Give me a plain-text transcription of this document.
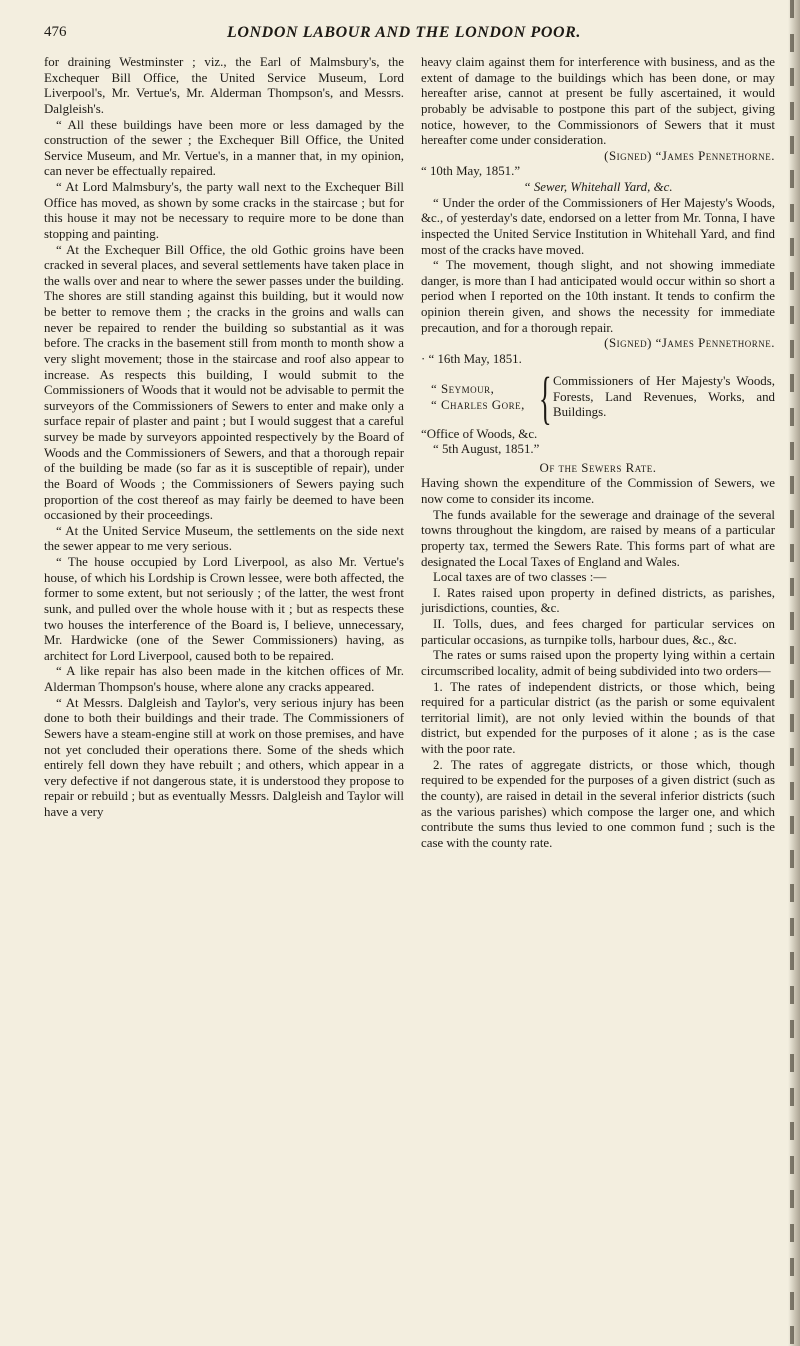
476	LONDON LABOUR AND THE LONDON POOR.

for draining Westminster ; viz., the Earl of Malmsbury's, the Exchequer Bill Office, the United Service Museum, Lord Liverpool's, Mr. Vertue's, Mr. Alderman Thompson's, and Messrs. Dalgleish's.

“ All these buildings have been more or less damaged by the construction of the sewer ; the Exchequer Bill Office, the United Service Museum, and Mr. Vertue's, in a manner that, in my opinion, can never be effectually repaired.

“ At Lord Malmsbury's, the party wall next to the Exchequer Bill Office has moved, as shown by some cracks in the staircase ; but for this house it may not be necessary to require more to be done than stopping and painting.

“ At the Exchequer Bill Office, the old Gothic groins have been cracked in several places, and several settlements have taken place in the walls over and near to where the sewer passes under the building. The shores are still standing against this building, but it would now be better to remove them ; the cracks in the groins and walls can never be repaired to render the building so substantial as it was before. The cracks in the basement still from month to month show a very slight movement; those in the staircase and roof also appear to increase. As respects this building, I would submit to the Commissioners of Woods that it would not be advisable to permit the surveyors of the Commissioners of Sewers to enter and make only a surface repair of plaster and paint ; but I would suggest that a careful survey be made by surveyors appointed respectively by the Board of Woods and the Commissioners of Sewers, and that a thorough repair of the building be made (so far as it is susceptible of repair), under the Board of Woods ; the Commissioners of Sewers paying such proportion of the cost thereof as may fairly be deemed to have been occasioned by their proceedings.

“ At the United Service Museum, the settlements on the side next the sewer appear to me very serious.

“ The house occupied by Lord Liverpool, as also Mr. Vertue's house, of which his Lordship is Crown lessee, were both affected, the former to some extent, but not seriously ; of the latter, the west front sunk, and pulled over the whole house with it ; but as respects these two houses the interference of the Board is, I believe, unnecessary, Mr. Hardwicke (one of the Sewer Commissioners) having, as architect for Lord Liverpool, caused both to be repaired.

“ A like repair has also been made in the kitchen offices of Mr. Alderman Thompson's house, where alone any cracks appeared.

“ At Messrs. Dalgleish and Taylor's, very serious injury has been done to both their buildings and their trade. The Commissioners of Sewers have a steam-engine still at work on those premises, and have not yet concluded their operations there. Some of the sheds which entirely fell down they have rebuilt ; and others, which appear in a very defective if not dangerous state, it is understood they propose to repair or rebuild ; but as eventually Messrs. Dalgleish and Taylor will have a very

heavy claim against them for interference with business, and as the extent of damage to the buildings which has been done, or may hereafter arise, cannot at present be fully ascertained, it would probably be advisable to postpone this part of the subject, giving notice, however, to the Commissionors of Sewers that it must hereafter come under consideration.

(Signed) “James Pennethorne.

“ 10th May, 1851.”

“ Sewer, Whitehall Yard, &c.

“ Under the order of the Commissioners of Her Majesty's Woods, &c., of yesterday's date, endorsed on a letter from Mr. Tonna, I have inspected the United Service Institution in Whitehall Yard, and find most of the cracks have moved.

“ The movement, though slight, and not showing immediate danger, is more than I had anticipated would occur within so short a period when I reported on the 10th instant. It tends to confirm the opinion therein given, and shows the necessity for immediate precaution, and for a thorough repair.

(Signed) “James Pennethorne.

· “ 16th May, 1851.

“ Seymour,
“ Charles Gore, { Commissioners of Her Majesty's Woods, Forests, Land Revenues, Works, and Buildings.

“Office of Woods, &c.

“ 5th August, 1851.”

Of the Sewers Rate.

Having shown the expenditure of the Commission of Sewers, we now come to consider its income.

The funds available for the sewerage and drainage of the several towns throughout the kingdom, are raised by means of a particular property tax, termed the Sewers Rate. This forms part of what are designated the Local Taxes of England and Wales.

Local taxes are of two classes :—

I. Rates raised upon property in defined districts, as parishes, jurisdictions, counties, &c.

II. Tolls, dues, and fees charged for particular services on particular occasions, as turnpike tolls, harbour dues, &c., &c.

The rates or sums raised upon the property lying within a certain circumscribed locality, admit of being subdivided into two orders—

1. The rates of independent districts, or those which, being required for a particular district (as the parish or some equivalent territorial limit), are not only levied within the bounds of that district, but expended for the purposes of it alone ; as is the case with the poor rate.

2. The rates of aggregate districts, or those which, though required to be expended for the purposes of a given district (such as the county), are raised in detail in the several inferior districts (such as the various parishes) which compose the larger one, and which contribute the sums thus levied to one common fund ; such is the case with the county rate.
